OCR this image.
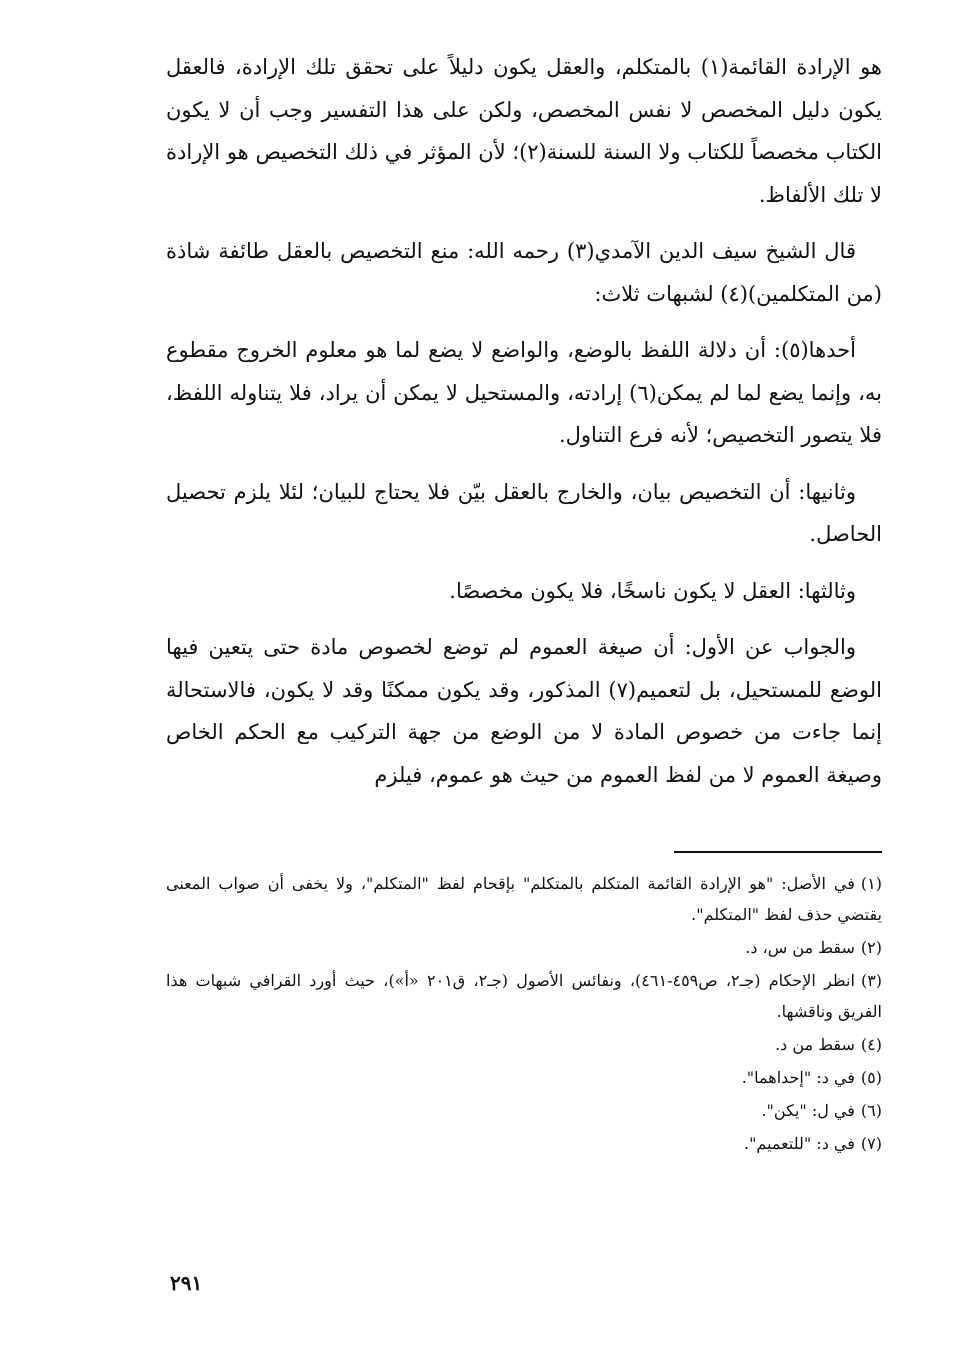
هو الإرادة القائمة(١) بالمتكلم، والعقل يكون دليلاً على تحقق تلك الإرادة، فالعقل يكون دليل المخصص لا نفس المخصص، ولكن على هذا التفسير وجب أن لا يكون الكتاب مخصصاً للكتاب ولا السنة للسنة(٢)؛ لأن المؤثر في ذلك التخصيص هو الإرادة لا تلك الألفاظ.

قال الشيخ سيف الدين الآمدي(٣) رحمه الله: منع التخصيص بالعقل طائفة شاذة (من المتكلمين)(٤) لشبهات ثلاث:

أحدها(٥): أن دلالة اللفظ بالوضع، والواضع لا يضع لما هو معلوم الخروج مقطوع به، وإنما يضع لما لم يمكن(٦) إرادته، والمستحيل لا يمكن أن يراد، فلا يتناوله اللفظ، فلا يتصور التخصيص؛ لأنه فرع التناول.

وثانيها: أن التخصيص بيان، والخارج بالعقل بيّن فلا يحتاج للبيان؛ لئلا يلزم تحصيل الحاصل.

وثالثها: العقل لا يكون ناسخًا، فلا يكون مخصصًا.

والجواب عن الأول: أن صيغة العموم لم توضع لخصوص مادة حتى يتعين فيها الوضع للمستحيل، بل لتعميم(٧) المذكور، وقد يكون ممكنًا وقد لا يكون، فالاستحالة إنما جاءت من خصوص المادة لا من الوضع من جهة التركيب مع الحكم الخاص وصيغة العموم لا من لفظ العموم من حيث هو عموم، فيلزم

(١)في الأصل: "هو الإرادة القائمة المتكلم بالمتكلم" بإقحام لفظ "المتكلم"، ولا يخفى أن صواب المعنى يقتضي حذف لفظ "المتكلم".
(٢)سقط من س، د.
(٣)انظر الإحكام (جـ٢، ص٤٥٩-٤٦١)، ونفائس الأصول (جـ٢، ق٢٠١ «أ»)، حيث أورد القرافي شبهات هذا الفريق وناقشها.
(٤)سقط من د.
(٥)في د: "إحداهما".
(٦)في ل: "يكن".
(٧)في د: "للتعميم".
٢٩١
